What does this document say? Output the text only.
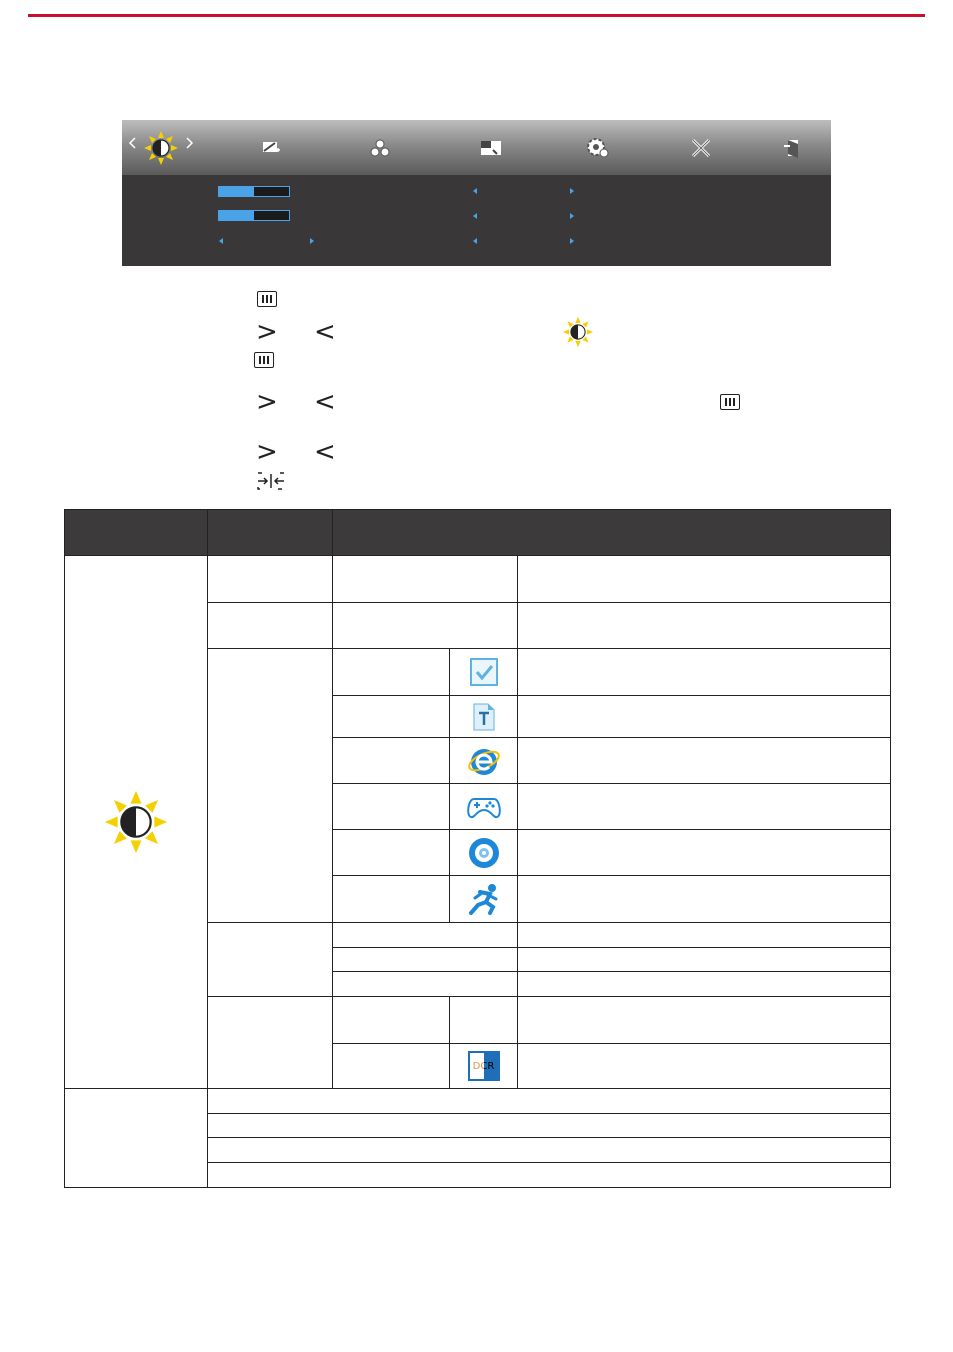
> <
> <
> <
DCR
